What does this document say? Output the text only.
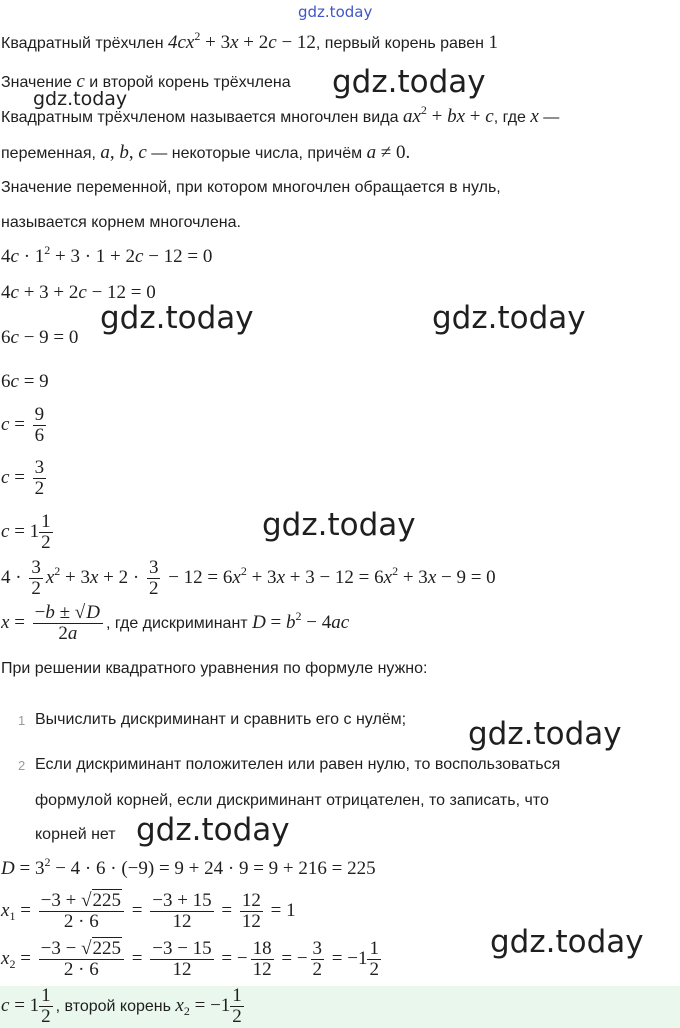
gdz.today
Квадратный трёхчлен $4cx^2 + 3x + 2c - 12$, первый корень равен 1
Значение c и второй корень трёхчлена gdz.today
gdz.today
Квадратным трёхчленом называется многочлен вида $ax^2$ + bx + c, где x —
переменная, a, b, c — некоторые числа, причём a ≠ 0.
Значение переменной, при котором многочлен обращается в нуль,
называется корнем многочлена.
$4c \cdot 1^2 + 3 \cdot 1 + 2c - 12 = 0$
4c + 3 + 2c − 12 = 0
6c − 9 = 0
gdz.today	gdz.today
6c = 9
$c = \frac{9}{6}$
$c = \frac{3}{2}$
$c = 1 \frac{1}{2}$	gdz.today
$4 \cdot \frac{3}{2} x^2 + 3x + 2 \cdot \frac{3}{2} - 12 = 6x^2 + 3x + 3 - 12 = 6x^2 + 3x - 9 = 0$
$x = \frac{-b \pm √D}{2a}$ , где дискриминант $D = b^2 - 4ac$
При решении квадратного уравнения по формуле нужно:
1 Вычислить дискриминант и сравнить его с нулём; gdz.today
2 Если дискриминант положителен или равен нулю, то воспользоваться
формулой корней, если дискриминант отрицателен, то записать, что
корней нет gdz.today
$D = 3^2 - 4 \cdot 6 \cdot (-9) = 9 + 24 \cdot 9 = 9 + 216 = 225$
$x_1 = \frac{-3 + √225}{2 \cdot 6} = \frac{-3 + 15}{12} = \frac{12}{12} = 1$
$x_2 = \frac{-3 - √225}{2 \cdot 6} = \frac{-3 - 15}{12}$ = − $\frac{18}{12}$ = − $\frac{3}{2} = -1 \frac{1}{2}$	gdz.today
$c = 1 \frac{1}{2}$ , второй корень $x_2 = -1 \frac{1}{2}$
